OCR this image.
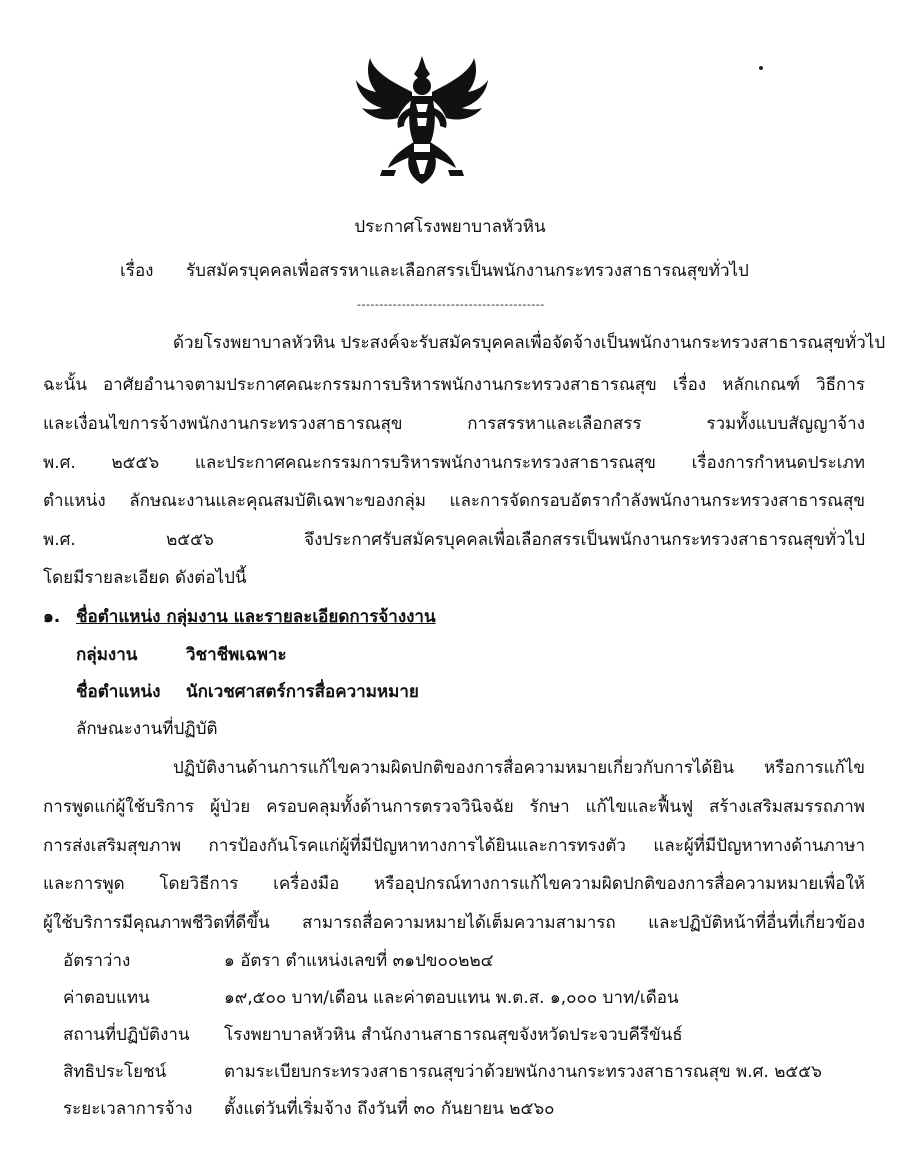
ประกาศโรงพยาบาลหัวหิน
เรื่อง รับสมัครบุคคลเพื่อสรรหาและเลือกสรรเป็นพนักงานกระทรวงสาธารณสุขทั่วไป
------------------------------------------
ด้วยโรงพยาบาลหัวหิน ประสงค์จะรับสมัครบุคคลเพื่อจัดจ้างเป็นพนักงานกระทรวงสาธารณสุขทั่วไป
ฉะนั้น อาศัยอำนาจตามประกาศคณะกรรมการบริหารพนักงานกระทรวงสาธารณสุข เรื่อง หลักเกณฑ์ วิธีการ
และเงื่อนไขการจ้างพนักงานกระทรวงสาธารณสุข การสรรหาและเลือกสรร รวมทั้งแบบสัญญาจ้าง
พ.ศ. ๒๕๕๖ และประกาศคณะกรรมการบริหารพนักงานกระทรวงสาธารณสุข เรื่องการกำหนดประเภท
ตำแหน่ง ลักษณะงานและคุณสมบัติเฉพาะของกลุ่ม และการจัดกรอบอัตรากำลังพนักงานกระทรวงสาธารณสุข
พ.ศ. ๒๕๕๖ จึงประกาศรับสมัครบุคคลเพื่อเลือกสรรเป็นพนักงานกระทรวงสาธารณสุขทั่วไป
โดยมีรายละเอียด ดังต่อไปนี้
๑. ชื่อตำแหน่ง กลุ่มงาน และรายละเอียดการจ้างงาน
กลุ่มงาน	วิชาชีพเฉพาะ
ชื่อตำแหน่ง นักเวชศาสตร์การสื่อความหมาย
ลักษณะงานที่ปฏิบัติ
ปฏิบัติงานด้านการแก้ไขความผิดปกติของการสื่อความหมายเกี่ยวกับการได้ยิน หรือการแก้ไข
การพูดแก่ผู้ใช้บริการ ผู้ป่วย ครอบคลุมทั้งด้านการตรวจวินิจฉัย รักษา แก้ไขและฟื้นฟู สร้างเสริมสมรรถภาพ
การส่งเสริมสุขภาพ การป้องกันโรคแก่ผู้ที่มีปัญหาทางการได้ยินและการทรงตัว และผู้ที่มีปัญหาทางด้านภาษา
และการพูด โดยวิธีการ เครื่องมือ หรืออุปกรณ์ทางการแก้ไขความผิดปกติของการสื่อความหมายเพื่อให้
ผู้ใช้บริการมีคุณภาพชีวิตที่ดีขึ้น สามารถสื่อความหมายได้เต็มความสามารถ และปฏิบัติหน้าที่อื่นที่เกี่ยวข้อง
อัตราว่าง	๑ อัตรา ตำแหน่งเลขที่ ๓๑ปข๐๐๒๒๔
ค่าตอบแทน	๑๙,๕๐๐ บาท/เดือน และค่าตอบแทน พ.ต.ส. ๑,๐๐๐ บาท/เดือน
สถานที่ปฏิบัติงาน โรงพยาบาลหัวหิน สำนักงานสาธารณสุขจังหวัดประจวบคีรีขันธ์
สิทธิประโยชน์	ตามระเบียบกระทรวงสาธารณสุขว่าด้วยพนักงานกระทรวงสาธารณสุข พ.ศ. ๒๕๕๖
ระยะเวลาการจ้าง ตั้งแต่วันที่เริ่มจ้าง ถึงวันที่ ๓๐ กันยายน ๒๕๖๐
